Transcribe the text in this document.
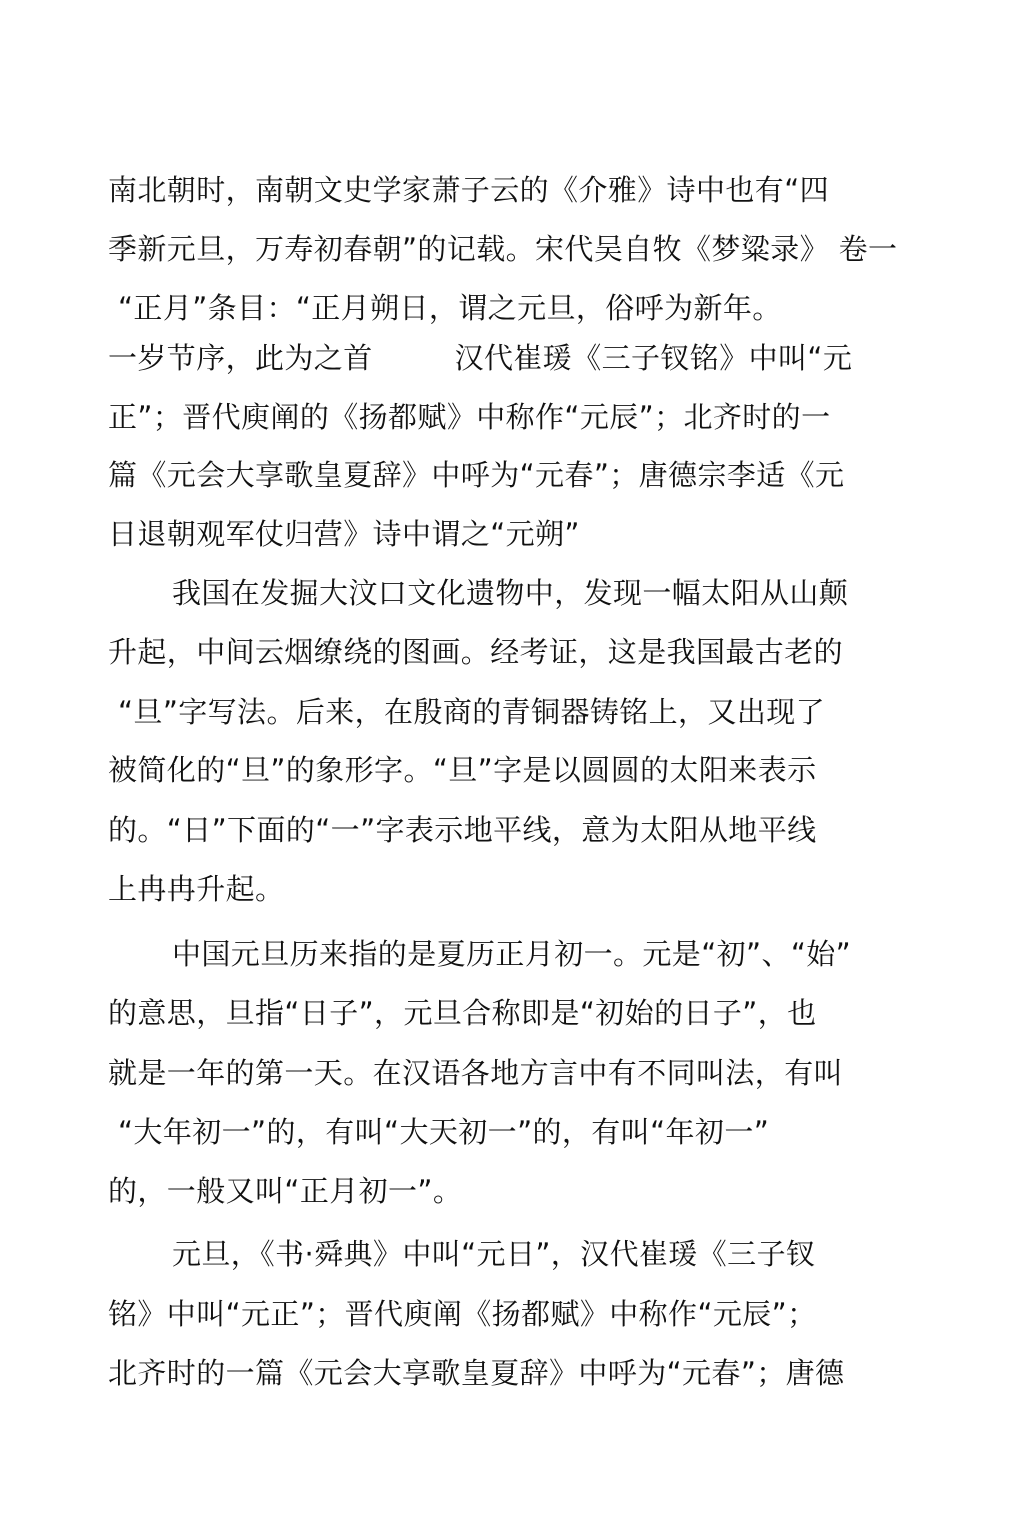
南北朝时，南朝文史学家萧子云的《介雅》诗中也有“四
季新元旦，万寿初春朝”的记载。宋代吴自牧《梦粱录》 卷一
“正月”条目：“正月朔日，谓之元旦，俗呼为新年。
一岁节序，此为之首	汉代崔瑗《三子钗铭》中叫“元
正”；晋代庾阐的《扬都赋》中称作“元辰”；北齐时的一
篇《元会大享歌皇夏辞》中呼为“元春”；唐德宗李适《元
日退朝观军仗归营》诗中谓之“元朔”
我国在发掘大汶口文化遗物中，发现一幅太阳从山颠
升起，中间云烟缭绕的图画。经考证，这是我国最古老的
“旦”字写法。后来，在殷商的青铜器铸铭上，又出现了
被简化的“旦”的象形字。“旦”字是以圆圆的太阳来表示
的。“日”下面的“一”字表示地平线，意为太阳从地平线
上冉冉升起。
中国元旦历来指的是夏历正月初一。元是“初”、“始”
的意思，旦指“日子”，元旦合称即是“初始的日子”，也
就是一年的第一天。在汉语各地方言中有不同叫法，有叫
“大年初一”的，有叫“大天初一”的，有叫“年初一”
的，一般又叫“正月初一”。
元旦，《书·舜典》中叫“元日”，汉代崔瑗《三子钗
铭》中叫“元正”；晋代庾阐《扬都赋》中称作“元辰”；
北齐时的一篇《元会大享歌皇夏辞》中呼为“元春”；唐德
